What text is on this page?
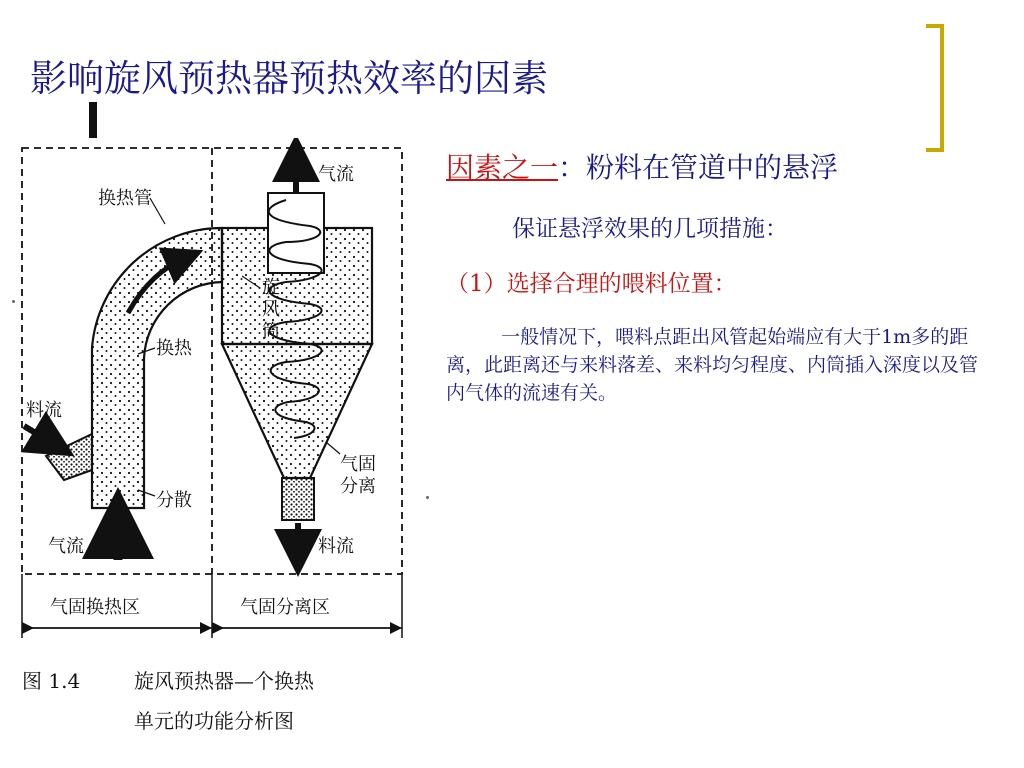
影响旋风预热器预热效率的因素
换热管
气流
旋
风
筒
换热
料流
分散
气流
气固
分离
料流
气固换热区	气固分离区
图 1.4	旋风预热器—个换热
单元的功能分析图
因素之一：粉料在管道中的悬浮
保证悬浮效果的几项措施：
（1）选择合理的喂料位置：

一般情况下，喂料点距出风管起始端应有大于1m多的距离，此距离还与来料落差、来料均匀程度、内筒插入深度以及管内气体的流速有关。
